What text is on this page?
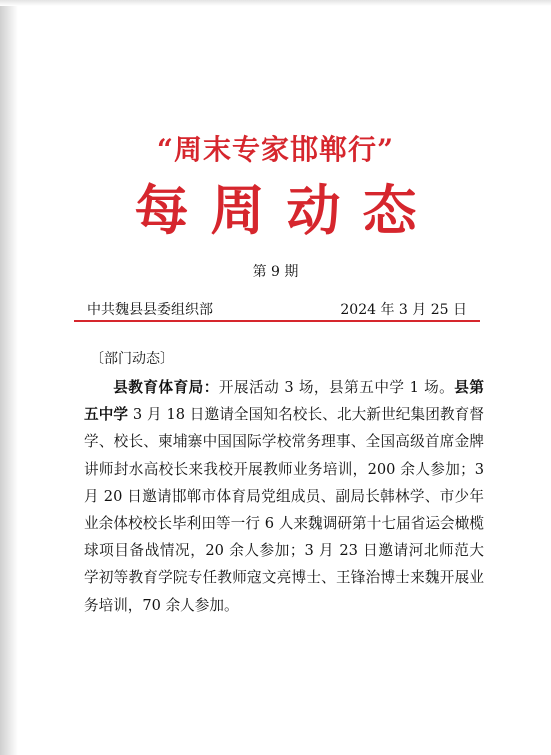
“周末专家邯郸行”
每周动态
第 9 期
中共魏县县委组织部	2024 年 3 月 25 日
〔部门动态〕
县教育体育局：开展活动 3 场，县第五中学 1 场。县第五中学 3 月 18 日邀请全国知名校长、北大新世纪集团教育督学、校长、柬埔寨中国国际学校常务理事、全国高级首席金牌讲师封水高校长来我校开展教师业务培训，200 余人参加；3 月 20 日邀请邯郸市体育局党组成员、副局长韩林学、市少年业余体校校长毕利田等一行 6 人来魏调研第十七届省运会橄榄球项目备战情况，20 余人参加；3 月 23 日邀请河北师范大学初等教育学院专任教师寇文亮博士、王锋治博士来魏开展业务培训，70 余人参加。
